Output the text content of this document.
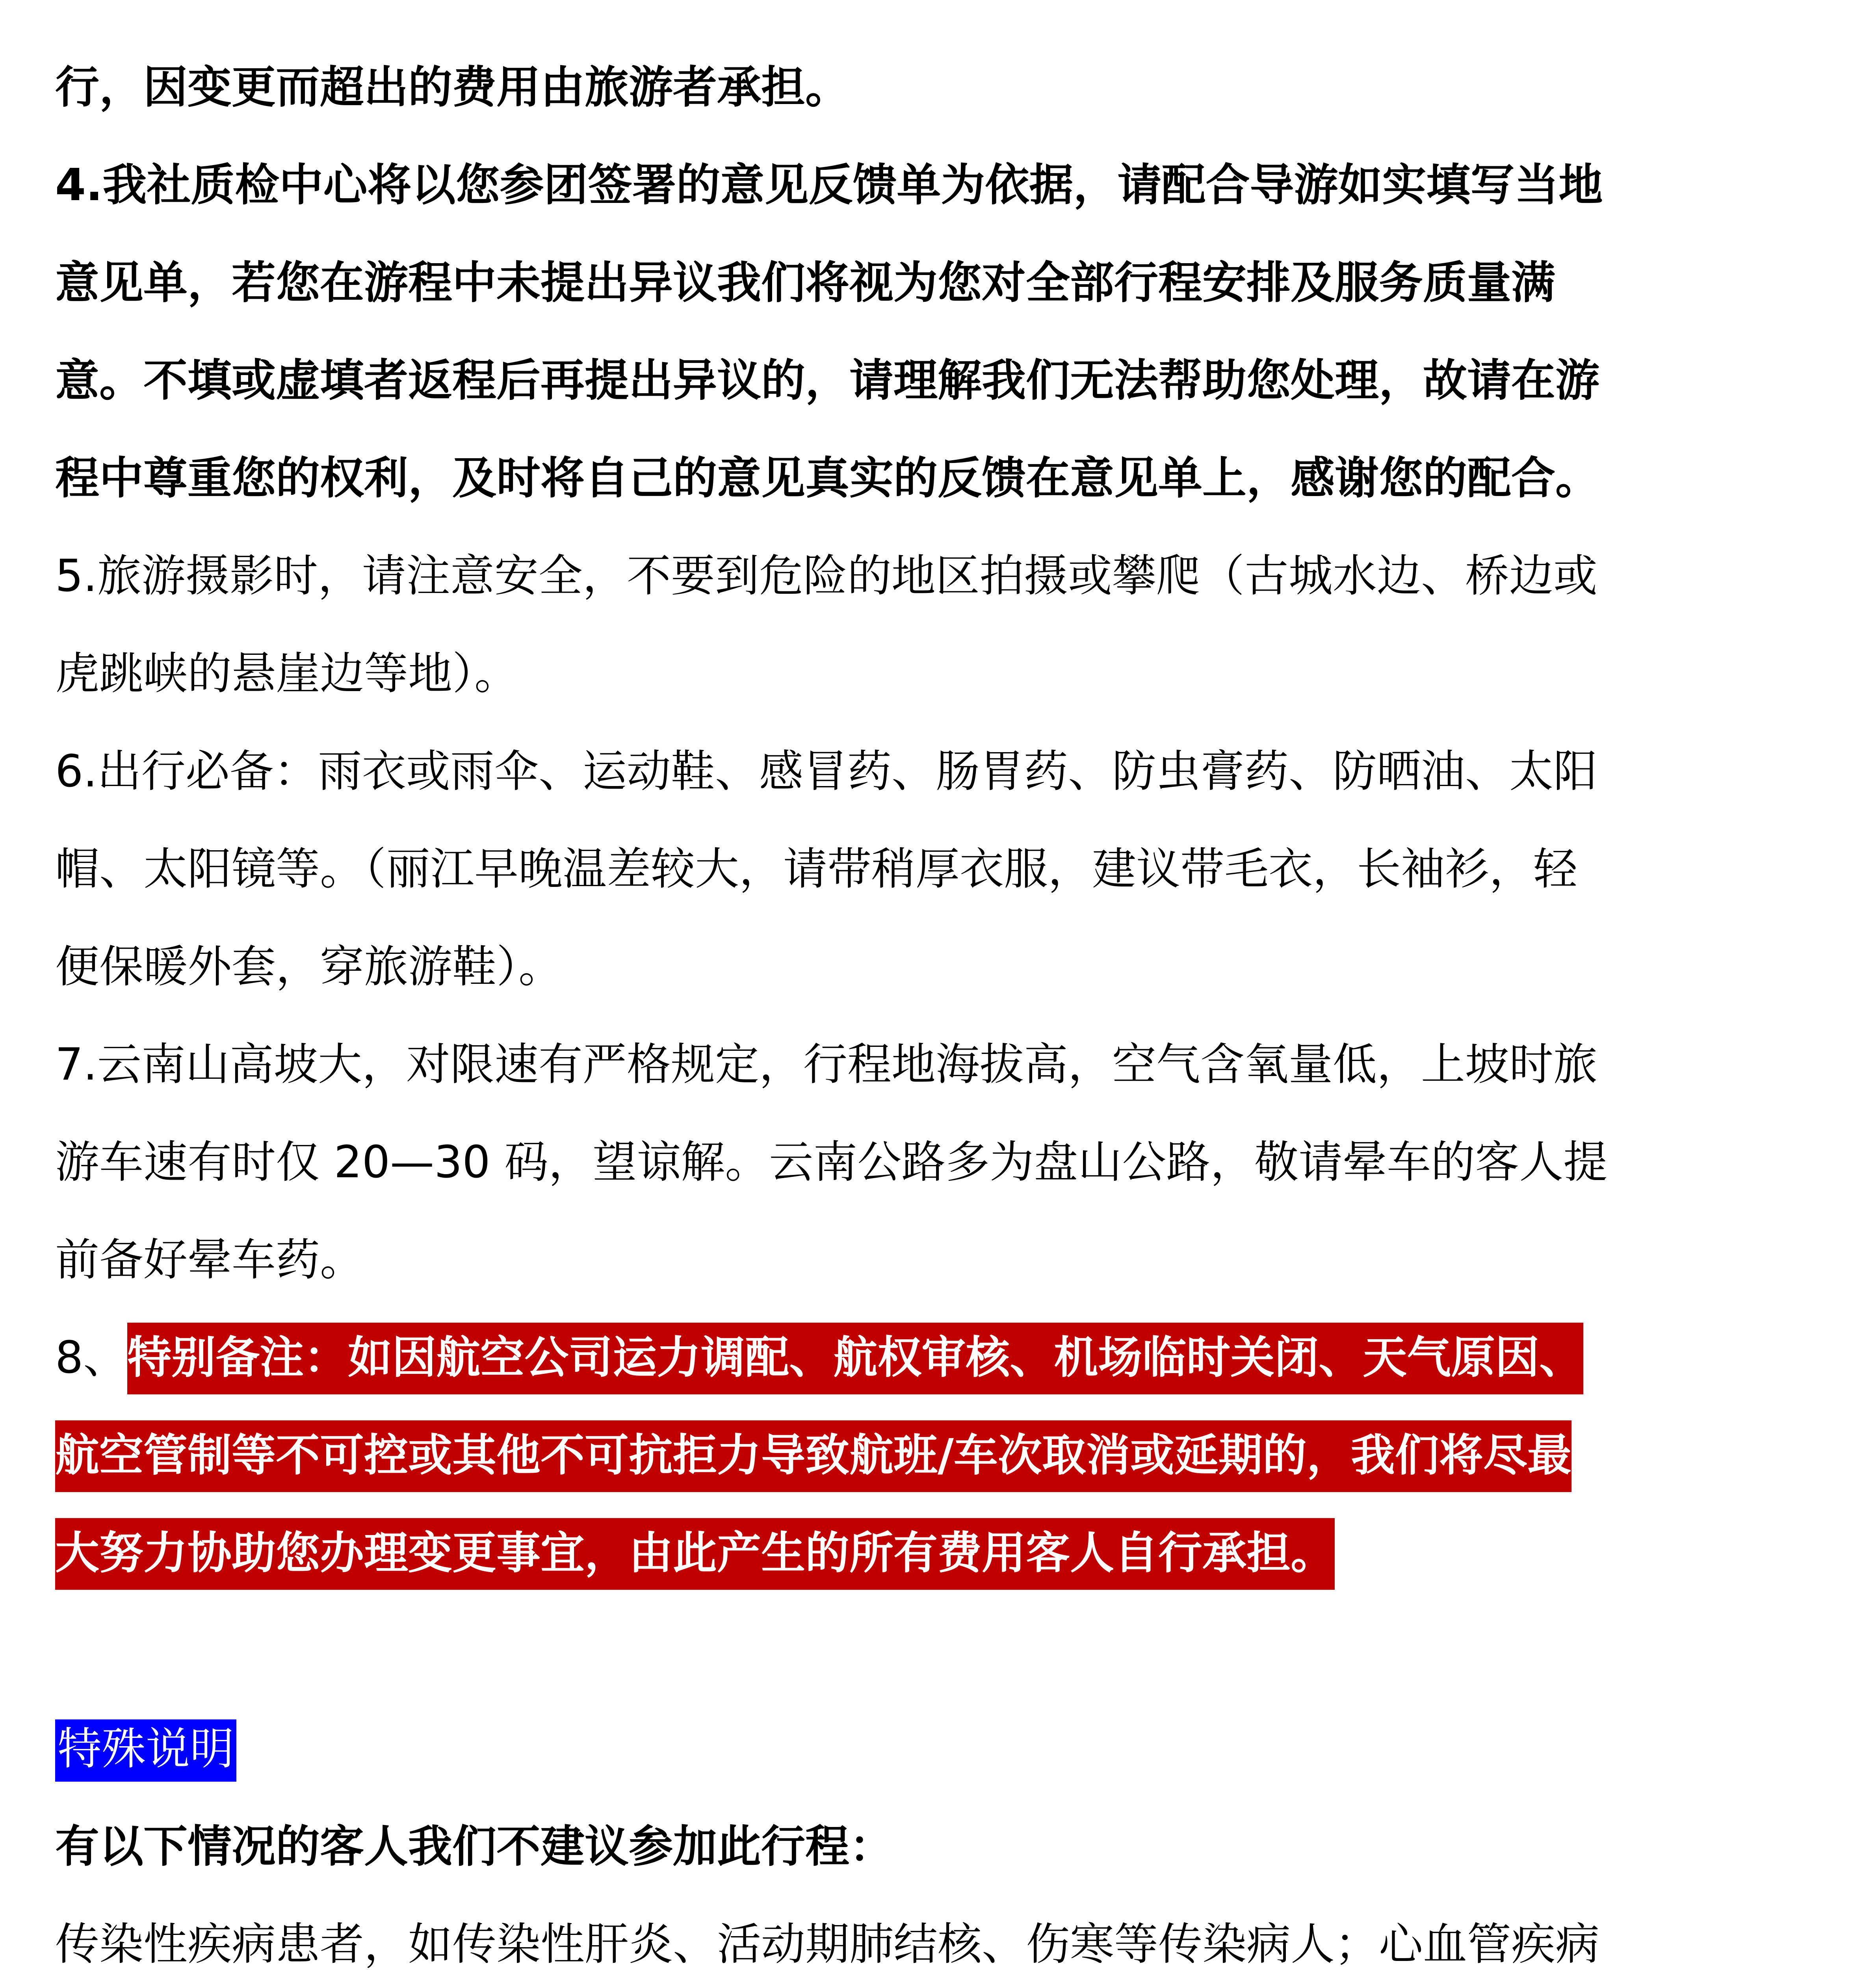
行，因变更而超出的费用由旅游者承担。

4.我社质检中心将以您参团签署的意见反馈单为依据，请配合导游如实填写当地
意见单，若您在游程中未提出异议我们将视为您对全部行程安排及服务质量满
意。不填或虚填者返程后再提出异议的，请理解我们无法帮助您处理，故请在游
程中尊重您的权利，及时将自己的意见真实的反馈在意见单上，感谢您的配合。

5.旅游摄影时，请注意安全，不要到危险的地区拍摄或攀爬（古城水边、桥边或
虎跳峡的悬崖边等地）。

6.出行必备：雨衣或雨伞、运动鞋、感冒药、肠胃药、防虫膏药、防晒油、太阳
帽、太阳镜等。（丽江早晚温差较大，请带稍厚衣服，建议带毛衣，长袖衫，轻
便保暖外套，穿旅游鞋）。

7.云南山高坡大，对限速有严格规定，行程地海拔高，空气含氧量低，上坡时旅
游车速有时仅 20—30 码，望谅解。云南公路多为盘山公路，敬请晕车的客人提
前备好晕车药。

8、特别备注：如因航空公司运力调配、航权审核、机场临时关闭、天气原因、
航空管制等不可控或其他不可抗拒力导致航班/车次取消或延期的，我们将尽最
大努力协助您办理变更事宜，由此产生的所有费用客人自行承担。

特殊说明

有以下情况的客人我们不建议参加此行程：

传染性疾病患者，如传染性肝炎、活动期肺结核、伤寒等传染病人；心血管疾病
